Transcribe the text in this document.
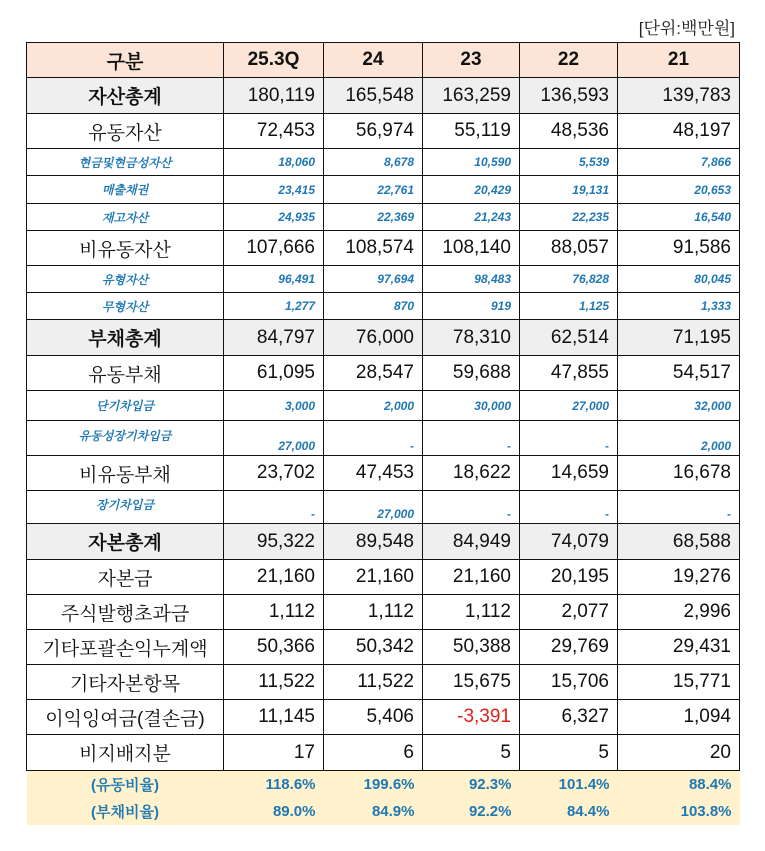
[단위:백만원]
구분	25.3Q	24	23	22	21
자산총계	180,119	165,548	163,259	136,593	139,783
유동자산	72,453	56,974	55,119	48,536	48,197
현금및현금성자산	18,060	8,678	10,590	5,539	7,866
매출채권	23,415	22,761	20,429	19,131	20,653
재고자산	24,935	22,369	21,243	22,235	16,540
비유동자산	107,666	108,574	108,140	88,057	91,586
유형자산	96,491	97,694	98,483	76,828	80,045
무형자산	1,277	870	919	1,125	1,333
부채총계	84,797	76,000	78,310	62,514	71,195
유동부채	61,095	28,547	59,688	47,855	54,517
단기차입금	3,000	2,000	30,000	27,000	32,000
유동성장기차입금	27,000	-	-	-	2,000
비유동부채	23,702	47,453	18,622	14,659	16,678
장기차입금	-	27,000	-	-	-
자본총계	95,322	89,548	84,949	74,079	68,588
자본금	21,160	21,160	21,160	20,195	19,276
주식발행초과금	1,112	1,112	1,112	2,077	2,996
기타포괄손익누계액	50,366	50,342	50,388	29,769	29,431
기타자본항목	11,522	11,522	15,675	15,706	15,771
이익잉여금(결손금)	11,145	5,406	-3,391	6,327	1,094
비지배지분	17	6	5	5	20
(유동비율)	118.6%	199.6%	92.3%	101.4%	88.4%
(부채비율)	89.0%	84.9%	92.2%	84.4%	103.8%
